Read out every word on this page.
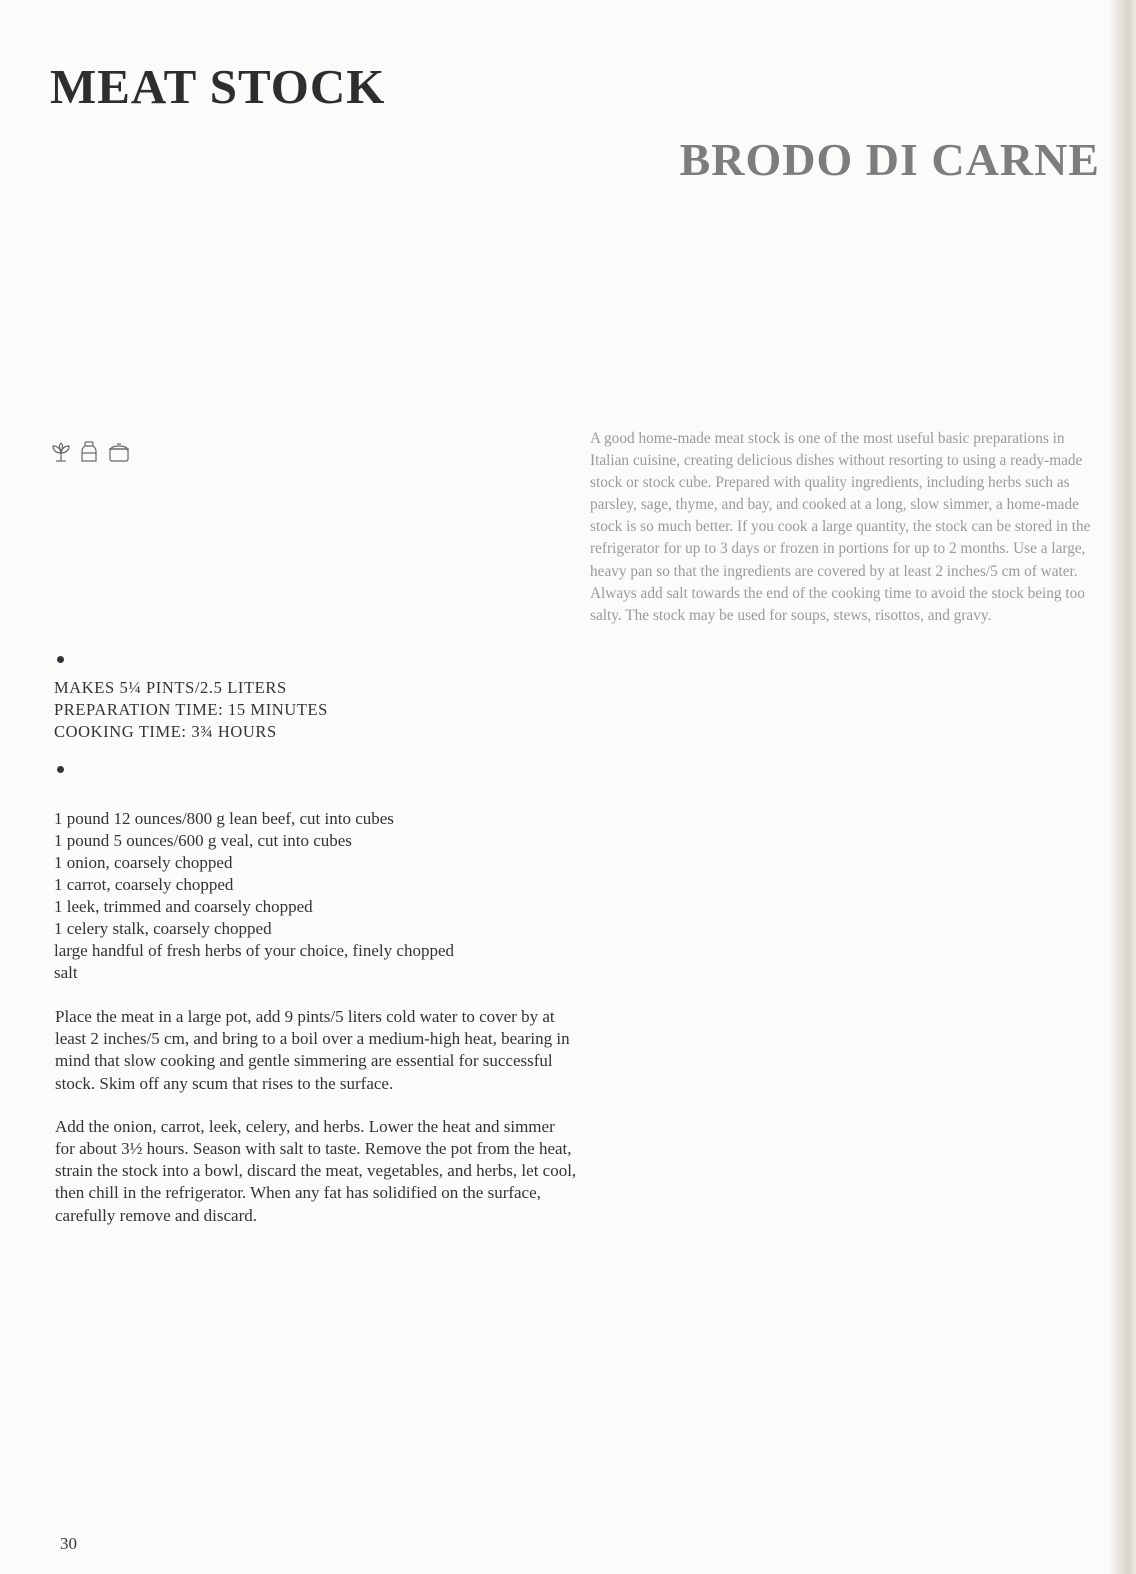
MEAT STOCK
BRODO DI CARNE
MAKES 5¼ PINTS/2.5 LITERS
PREPARATION TIME: 15 MINUTES
COOKING TIME: 3¾ HOURS
1 pound 12 ounces/800 g lean beef, cut into cubes
1 pound 5 ounces/600 g veal, cut into cubes
1 onion, coarsely chopped
1 carrot, coarsely chopped
1 leek, trimmed and coarsely chopped
1 celery stalk, coarsely chopped
large handful of fresh herbs of your choice, finely chopped
salt

Place the meat in a large pot, add 9 pints/5 liters cold water to cover by at least 2 inches/5 cm, and bring to a boil over a medium-high heat, bearing in mind that slow cooking and gentle simmering are essential for successful stock. Skim off any scum that rises to the surface.

Add the onion, carrot, leek, celery, and herbs. Lower the heat and simmer for about 3½ hours. Season with salt to taste. Remove the pot from the heat, strain the stock into a bowl, discard the meat, vegetables, and herbs, let cool, then chill in the refrigerator. When any fat has solidified on the surface, carefully remove and discard.

A good home-made meat stock is one of the most useful basic preparations in Italian cuisine, creating delicious dishes without resorting to using a ready-made stock or stock cube. Prepared with quality ingredients, including herbs such as parsley, sage, thyme, and bay, and cooked at a long, slow simmer, a home-made stock is so much better. If you cook a large quantity, the stock can be stored in the refrigerator for up to 3 days or frozen in portions for up to 2 months. Use a large, heavy pan so that the ingredients are covered by at least 2 inches/5 cm of water. Always add salt towards the end of the cooking time to avoid the stock being too salty. The stock may be used for soups, stews, risottos, and gravy.

30
